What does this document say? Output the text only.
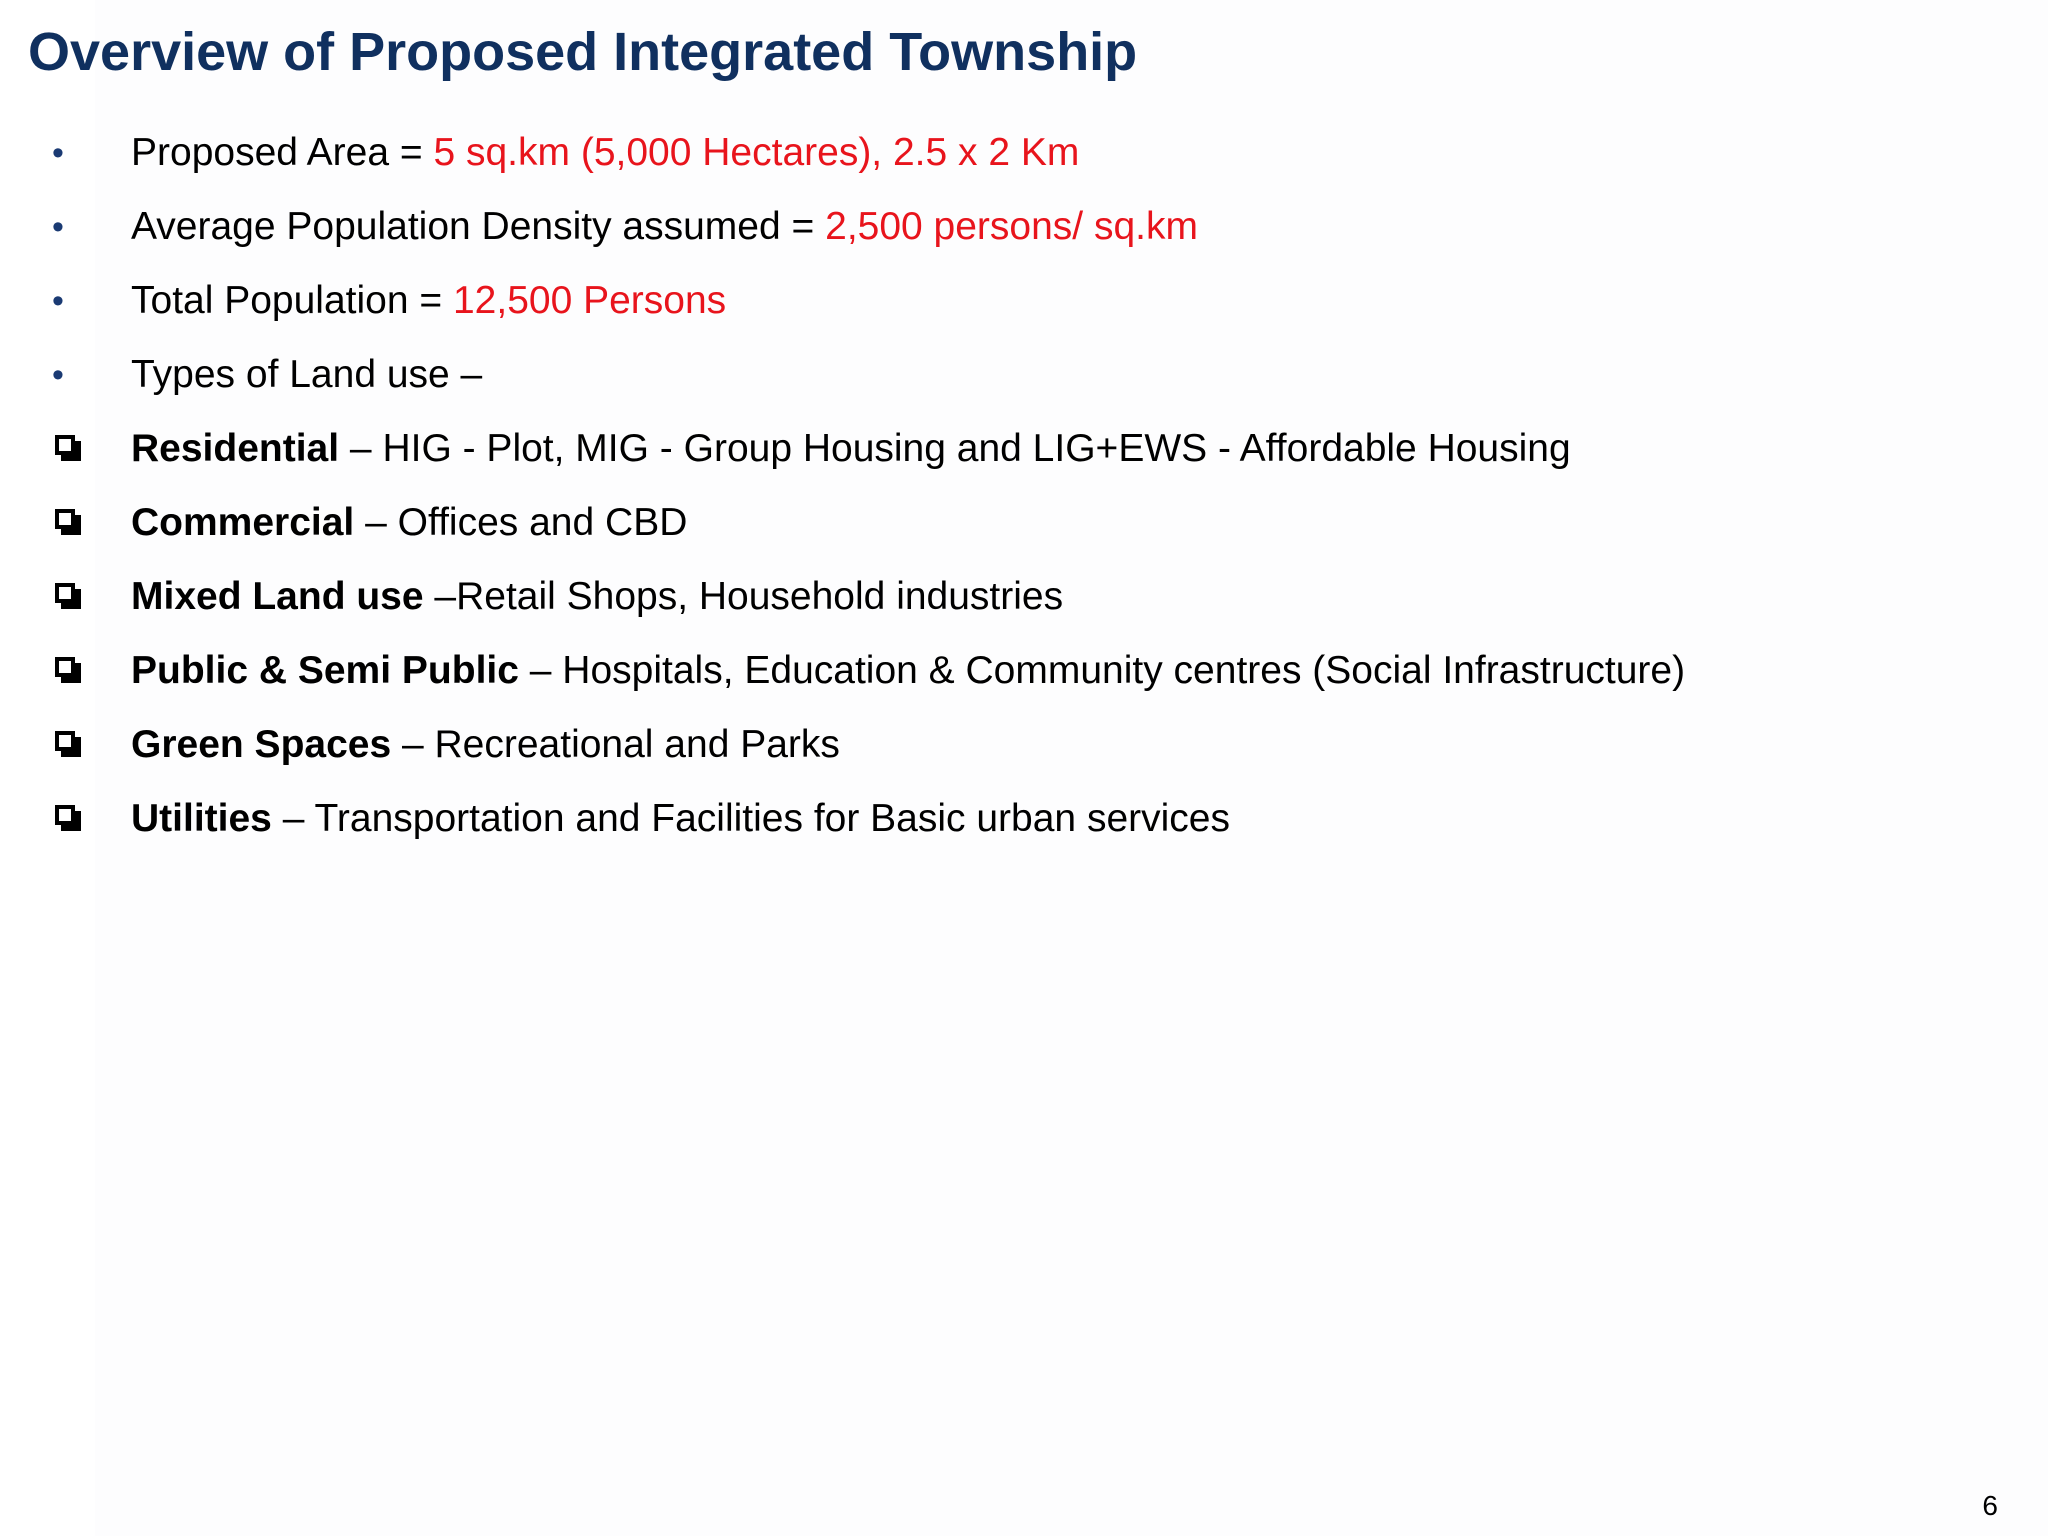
Overview of Proposed Integrated Township
• Proposed Area = 5 sq.km (5,000 Hectares), 2.5 x 2 Km
• Average Population Density assumed = 2,500 persons/ sq.km
• Total Population = 12,500 Persons
• Types of Land use –
Residential – HIG - Plot, MIG - Group Housing and LIG+EWS - Affordable Housing
Commercial – Offices and CBD
Mixed Land use –Retail Shops, Household industries
Public & Semi Public – Hospitals, Education & Community centres (Social Infrastructure)
Green Spaces – Recreational and Parks
Utilities – Transportation and Facilities for Basic urban services
6
